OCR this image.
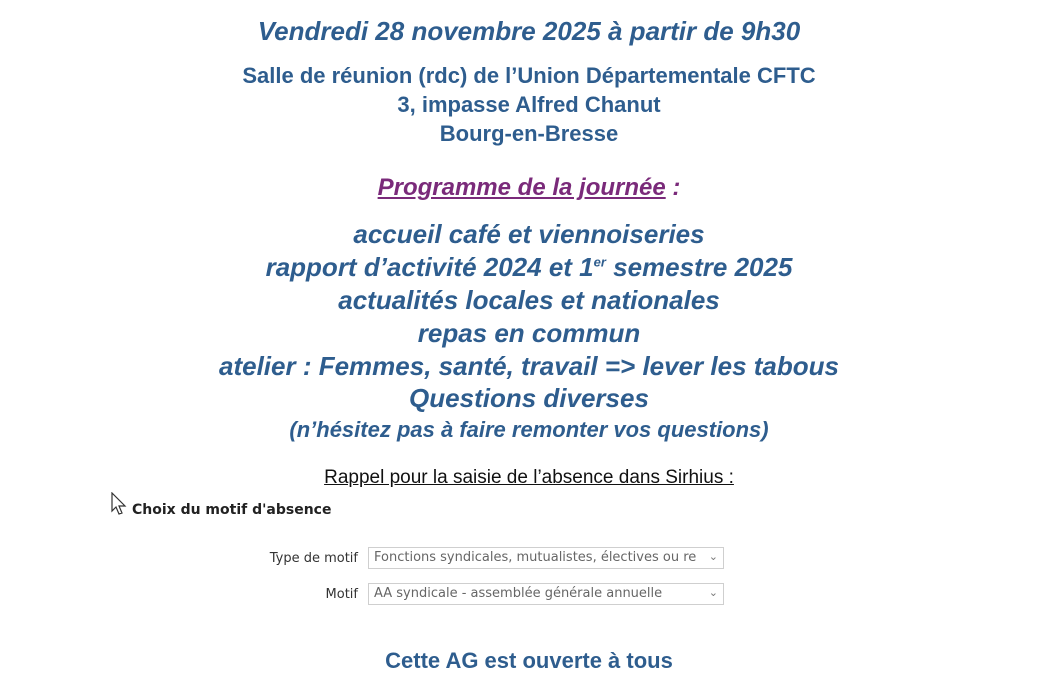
Vendredi 28 novembre 2025 à partir de 9h30
Salle de réunion (rdc) de l’Union Départementale CFTC
3, impasse Alfred Chanut
Bourg-en-Bresse
Programme de la journée :
accueil café et viennoiseries
rapport d’activité 2024 et 1er semestre 2025
actualités locales et nationales
repas en commun
atelier : Femmes, santé, travail => lever les tabous
Questions diverses
(n’hésitez pas à faire remonter vos questions)
Rappel pour la saisie de l’absence dans Sirhius :
Choix du motif d'absence
Type de motif	Fonctions syndicales, mutualistes, électives ou re ⌄
Motif	AA syndicale - assemblée générale annuelle	⌄
Cette AG est ouverte à tous
